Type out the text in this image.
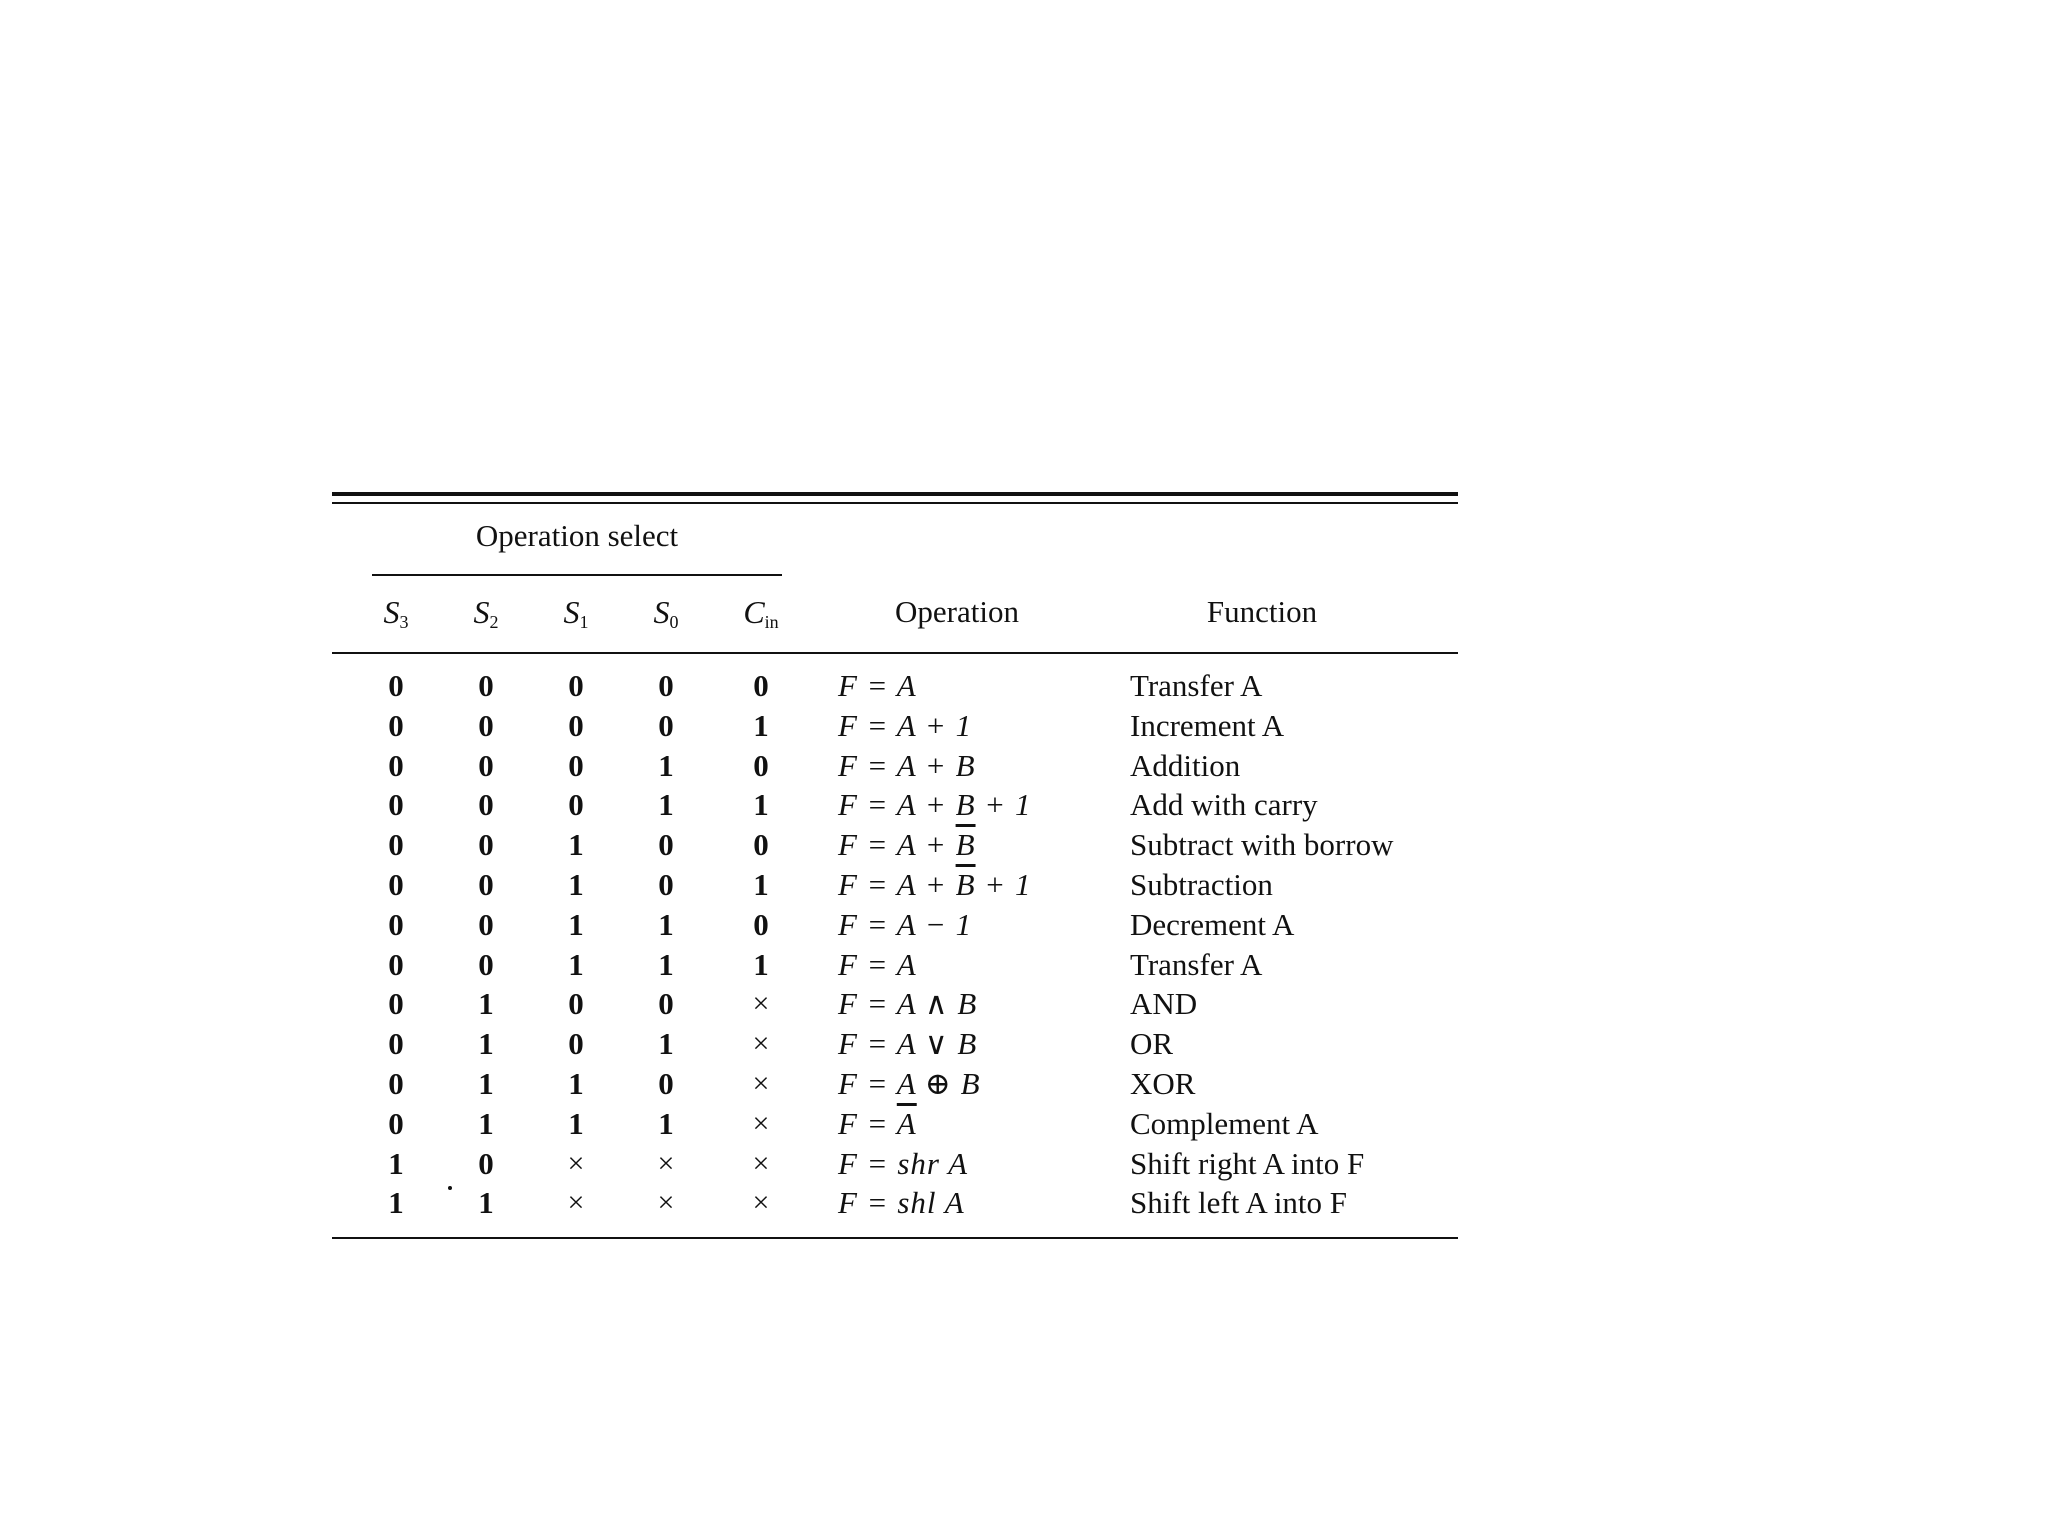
Operation select
$S_3$	$S_2$	$S_1$	$S_0$	$C_{in}$	Operation	Function
0	0	0	0	0	F = A	Transfer A
0	0	0	0	1	F = A + 1	Increment A
0	0	0	1	0	F = A + B	Addition
0	0	0	1	1	F = A + B + 1	Add with carry
0	0	1	0	0	$F = A + \overline{B}$	Subtract with borrow
0	0	1	0	1	$F = A + \overline{B} + 1$	Subtraction
0	0	1	1	0	F = A − 1	Decrement A
0	0	1	1	1	F = A	Transfer A
0	1	0	0	×	F = A ∧ B	AND
0	1	0	1	×	F = A ∨ B	OR
0	1	1	0	×	F = A ⊕ B	XOR
0	1	1	1	×	$F = \overline{A}$	Complement A
1	0	×	×	×	F = shr A	Shift right A into F
1	1	×	×	×	F = shl A	Shift left A into F
